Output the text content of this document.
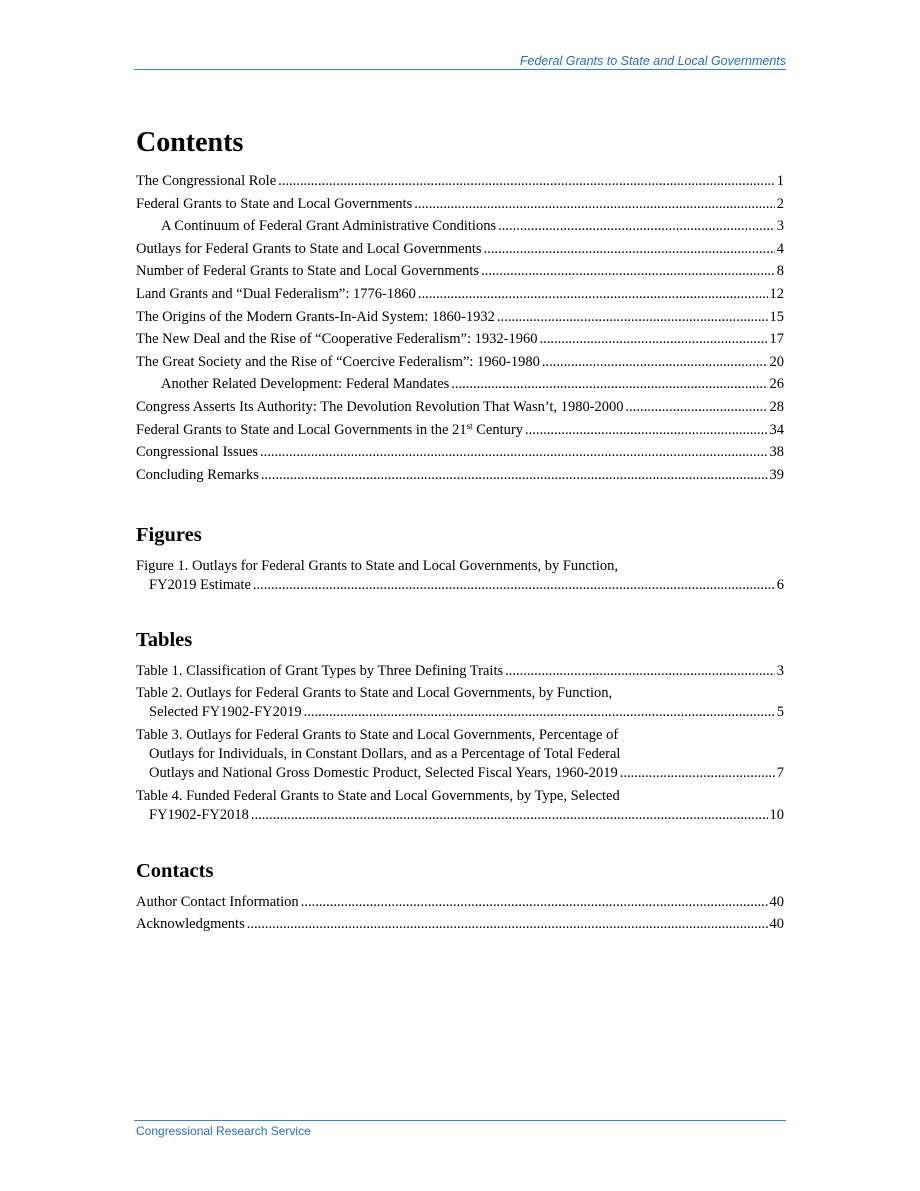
Federal Grants to State and Local Governments
Contents
The Congressional Role .....	1
Federal Grants to State and Local Governments .....	2
A Continuum of Federal Grant Administrative Conditions .....	3
Outlays for Federal Grants to State and Local Governments .....	4
Number of Federal Grants to State and Local Governments .....	8
Land Grants and “Dual Federalism”: 1776-1860 .....	12
The Origins of the Modern Grants-In-Aid System: 1860-1932 .....	15
The New Deal and the Rise of “Cooperative Federalism”: 1932-1960 .....	17
The Great Society and the Rise of “Coercive Federalism”: 1960-1980 .....	20
Another Related Development: Federal Mandates .....	26
Congress Asserts Its Authority: The Devolution Revolution That Wasn’t, 1980-2000 .....	28
Federal Grants to State and Local Governments in the 21st Century .....	34
Congressional Issues .....	38
Concluding Remarks .....	39
Figures
Figure 1. Outlays for Federal Grants to State and Local Governments, by Function,
FY2019 Estimate .....	6
Tables
Table 1. Classification of Grant Types by Three Defining Traits .....	3
Table 2. Outlays for Federal Grants to State and Local Governments, by Function,
Selected FY1902-FY2019 .....	5
Table 3. Outlays for Federal Grants to State and Local Governments, Percentage of
Outlays for Individuals, in Constant Dollars, and as a Percentage of Total Federal
Outlays and National Gross Domestic Product, Selected Fiscal Years, 1960-2019 .....	7
Table 4. Funded Federal Grants to State and Local Governments, by Type, Selected
FY1902-FY2018 .....	10
Contacts
Author Contact Information .....	40
Acknowledgments .....	40
Congressional Research Service
